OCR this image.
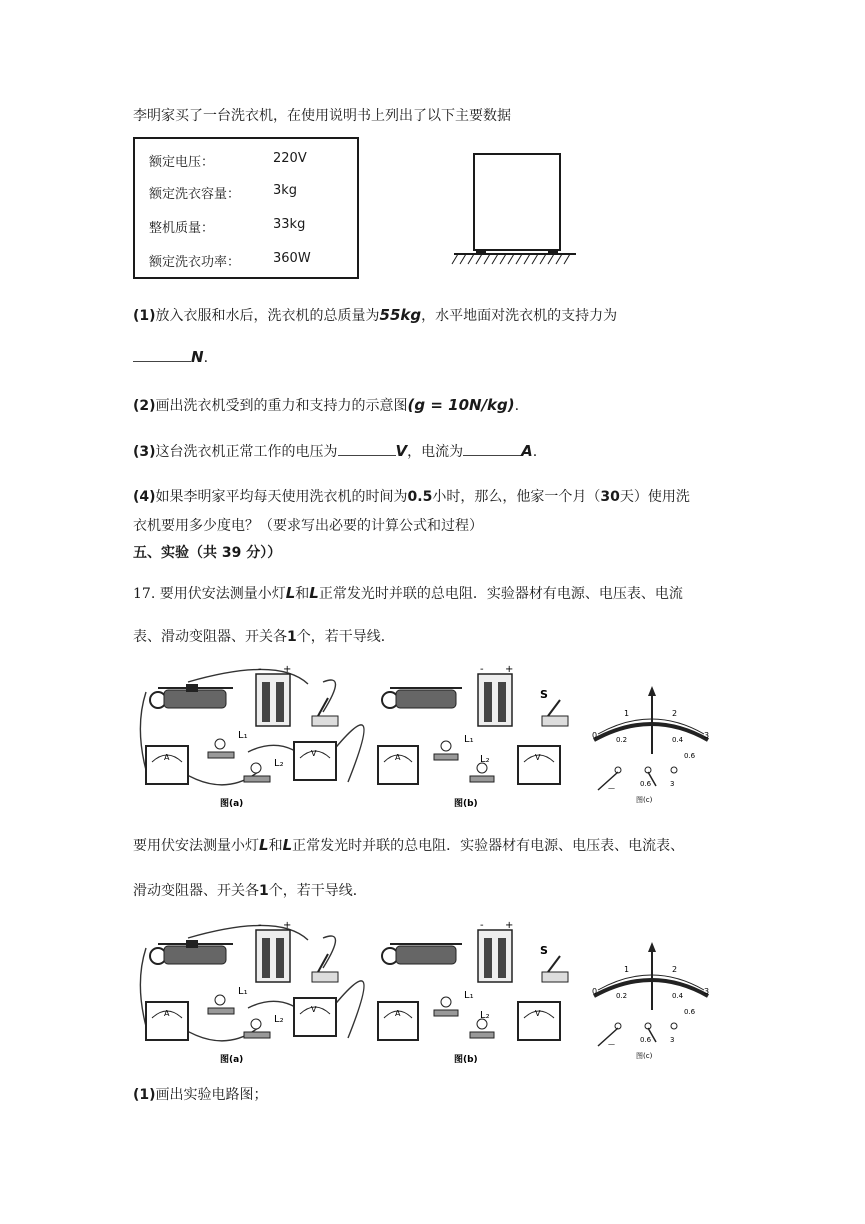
李明家买了一台洗衣机，在使用说明书上列出了以下主要数据
额定电压：	220V
额定洗衣容量：	3kg
整机质量：	33kg
额定洗衣功率：	360W
(1)放入衣服和水后，洗衣机的总质量为55kg，水平地面对洗衣机的支持力为
N.
(2)画出洗衣机受到的重力和支持力的示意图(g = 10N/kg).
(3)这台洗衣机正常工作的电压为	V，电流为	A.
(4)如果李明家平均每天使用洗衣机的时间为0.5小时，那么，他家一个月（30天）使用洗
衣机要用多少度电？（要求写出必要的计算公式和过程）
五、实验（共 39 分））
17. 要用伏安法测量小灯L和L正常发光时并联的总电阻．实验器材有电源、电压表、电流
表、滑动变阻器、开关各1个，若干导线．
- +
A
L₁
L₂
V
图(a)
- +
S
A
L₁
L₂	V
图(b)
0
1	2
3
0.2	0.4
0.6
—	0.6	3
图(c)
要用伏安法测量小灯L和L正常发光时并联的总电阻．实验器材有电源、电压表、电流表、
滑动变阻器、开关各1个，若干导线．
- +
A
L₁
L₂
V
图(a)
- +
S
A
L₁
L₂	V
图(b)
0
1	2
3
0.2	0.4
0.6
—	0.6	3
图(c)
(1)画出实验电路图；
